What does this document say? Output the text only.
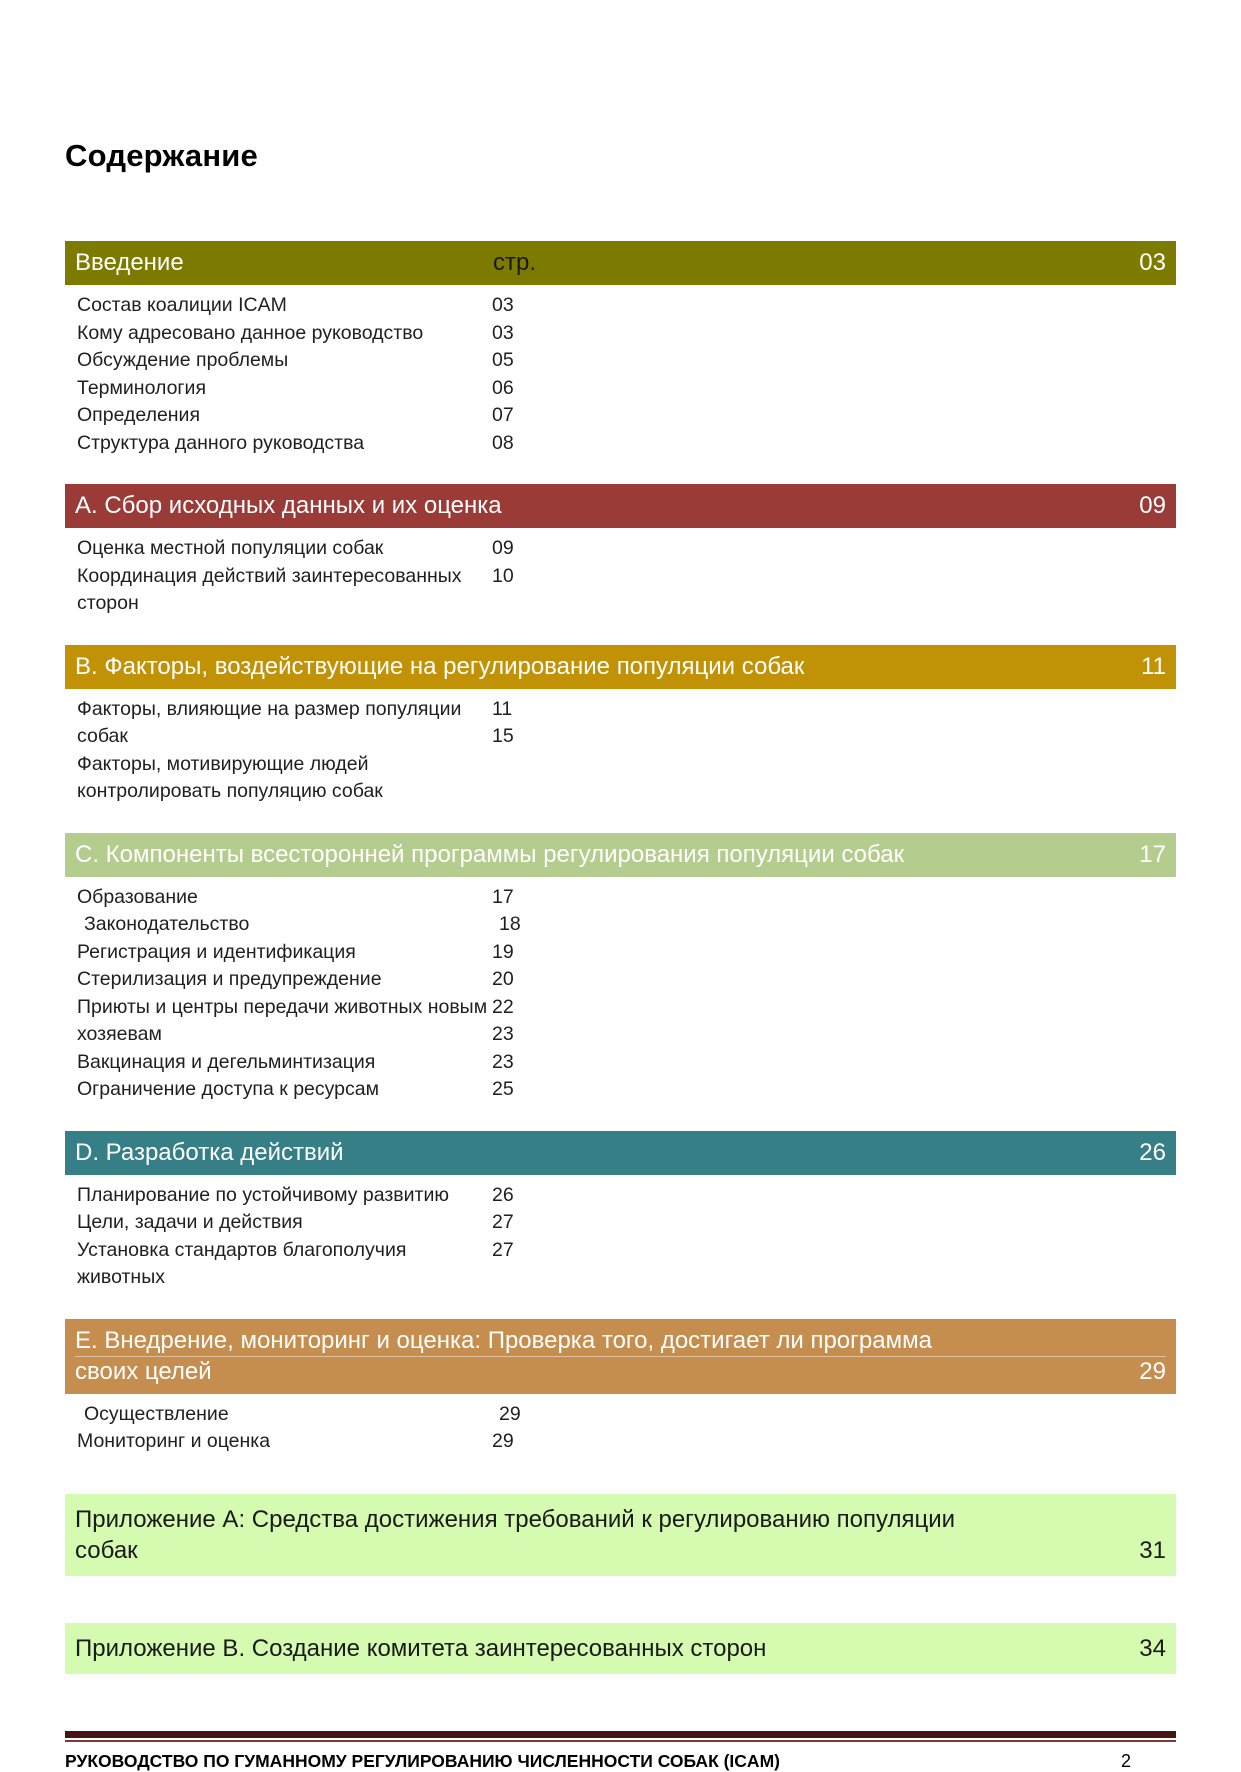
Содержание
Введение	стр.	03
Состав коалиции ICAM	03
Кому адресовано данное руководство	03
Обсуждение проблемы	05
Терминология	06
Определения	07
Структура данного руководства	08
А. Сбор исходных данных и их оценка	09
Оценка местной популяции собак	09
Координация действий заинтересованных	10
сторон
В. Факторы, воздействующие на регулирование популяции собак	11
Факторы, влияющие на размер популяции	11
собак	15
Факторы, мотивирующие людей
контролировать популяцию собак
С. Компоненты всесторонней программы регулирования популяции собак	17
Образование	17
Законодательство	18
Регистрация и идентификация	19
Стерилизация и предупреждение	20
Приюты и центры передачи животных новым 22
хозяевам	23
Вакцинация и дегельминтизация	23
Ограничение доступа к ресурсам	25
D. Разработка действий	26
Планирование по устойчивому развитию	26
Цели, задачи и действия	27
Установка стандартов благополучия	27
животных
Е. Внедрение, мониторинг и оценка: Проверка того, достигает ли программа
своих целей	29
Осуществление	29
Мониторинг и оценка	29
Приложение А: Средства достижения требований к регулированию популяции
собак	31
Приложение В. Создание комитета заинтересованных сторон	34
РУКОВОДСТВО ПО ГУМАННОМУ РЕГУЛИРОВАНИЮ ЧИСЛЕННОСТИ СОБАК (ICAM)	2
